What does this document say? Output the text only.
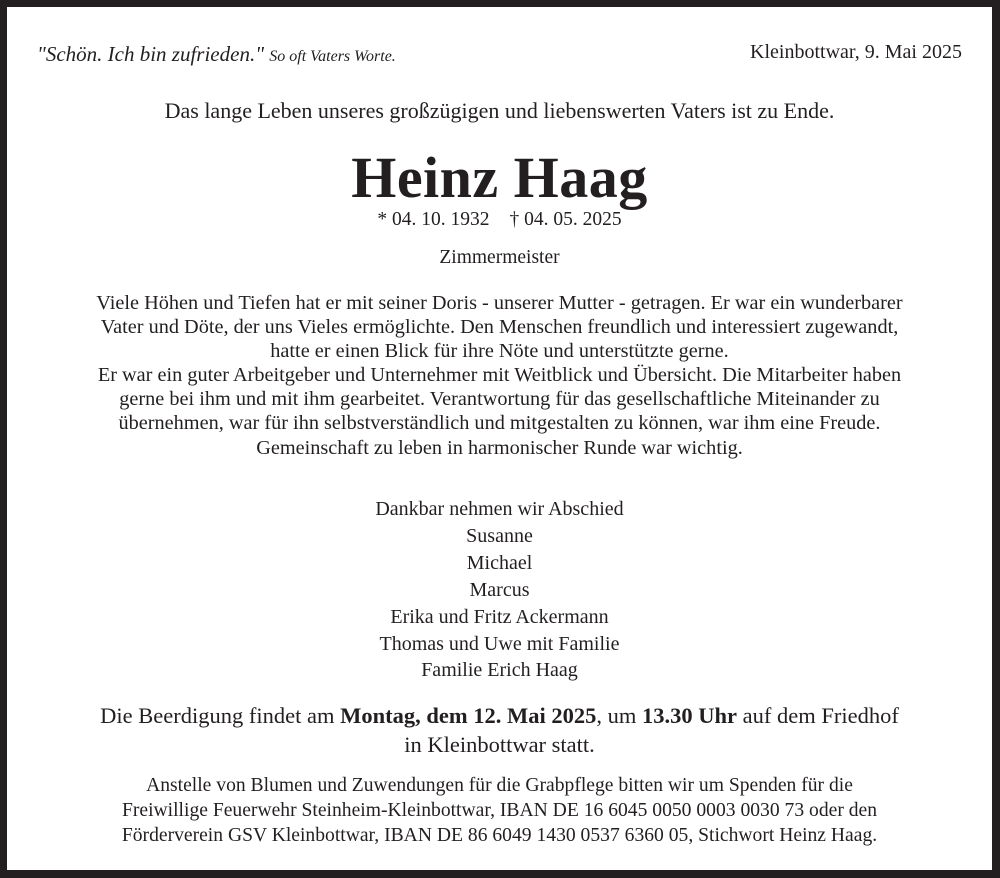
"Schön. Ich bin zufrieden." So oft Vaters Worte.	Kleinbottwar, 9. Mai 2025
Das lange Leben unseres großzügigen und liebenswerten Vaters ist zu Ende.
Heinz Haag
* 04. 10. 1932 † 04. 05. 2025
Zimmermeister
Viele Höhen und Tiefen hat er mit seiner Doris - unserer Mutter - getragen. Er war ein wunderbarer
Vater und Döte, der uns Vieles ermöglichte. Den Menschen freundlich und interessiert zugewandt,
hatte er einen Blick für ihre Nöte und unterstützte gerne.
Er war ein guter Arbeitgeber und Unternehmer mit Weitblick und Übersicht. Die Mitarbeiter haben
gerne bei ihm und mit ihm gearbeitet. Verantwortung für das gesellschaftliche Miteinander zu
übernehmen, war für ihn selbstverständlich und mitgestalten zu können, war ihm eine Freude.
Gemeinschaft zu leben in harmonischer Runde war wichtig.
Dankbar nehmen wir Abschied
Susanne
Michael
Marcus
Erika und Fritz Ackermann
Thomas und Uwe mit Familie
Familie Erich Haag
Die Beerdigung findet am Montag, dem 12. Mai 2025, um 13.30 Uhr auf dem Friedhof
in Kleinbottwar statt.
Anstelle von Blumen und Zuwendungen für die Grabpflege bitten wir um Spenden für die
Freiwillige Feuerwehr Steinheim-Kleinbottwar, IBAN DE 16 6045 0050 0003 0030 73 oder den
Förderverein GSV Kleinbottwar, IBAN DE 86 6049 1430 0537 6360 05, Stichwort Heinz Haag.
